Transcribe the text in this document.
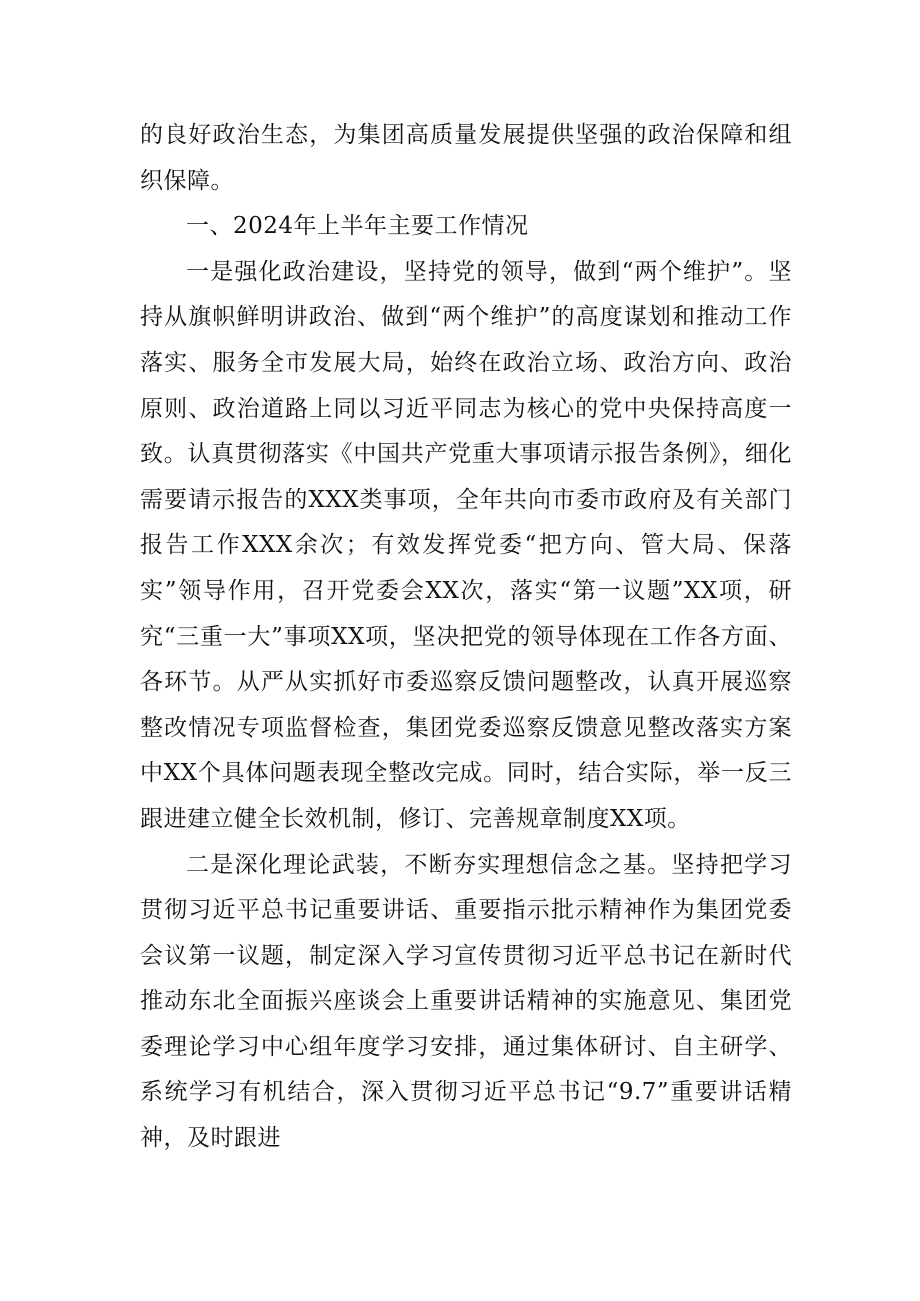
的良好政治生态，为集团高质量发展提供坚强的政治保障和组织保障。

一、2024年上半年主要工作情况

一是强化政治建设，坚持党的领导，做到“两个维护”。坚持从旗帜鲜明讲政治、做到“两个维护”的高度谋划和推动工作落实、服务全市发展大局，始终在政治立场、政治方向、政治原则、政治道路上同以习近平同志为核心的党中央保持高度一致。认真贯彻落实《中国共产党重大事项请示报告条例》，细化需要请示报告的XXX类事项，全年共向市委市政府及有关部门报告工作XXX余次；有效发挥党委“把方向、管大局、保落实”领导作用，召开党委会XX次，落实“第一议题”XX项，研究“三重一大”事项XX项，坚决把党的领导体现在工作各方面、各环节。从严从实抓好市委巡察反馈问题整改，认真开展巡察整改情况专项监督检查，集团党委巡察反馈意见整改落实方案中XX个具体问题表现全整改完成。同时，结合实际，举一反三跟进建立健全长效机制，修订、完善规章制度XX项。

二是深化理论武装，不断夯实理想信念之基。坚持把学习贯彻习近平总书记重要讲话、重要指示批示精神作为集团党委会议第一议题，制定深入学习宣传贯彻习近平总书记在新时代推动东北全面振兴座谈会上重要讲话精神的实施意见、集团党委理论学习中心组年度学习安排，通过集体研讨、自主研学、系统学习有机结合，深入贯彻习近平总书记“9.7”重要讲话精神，及时跟进
